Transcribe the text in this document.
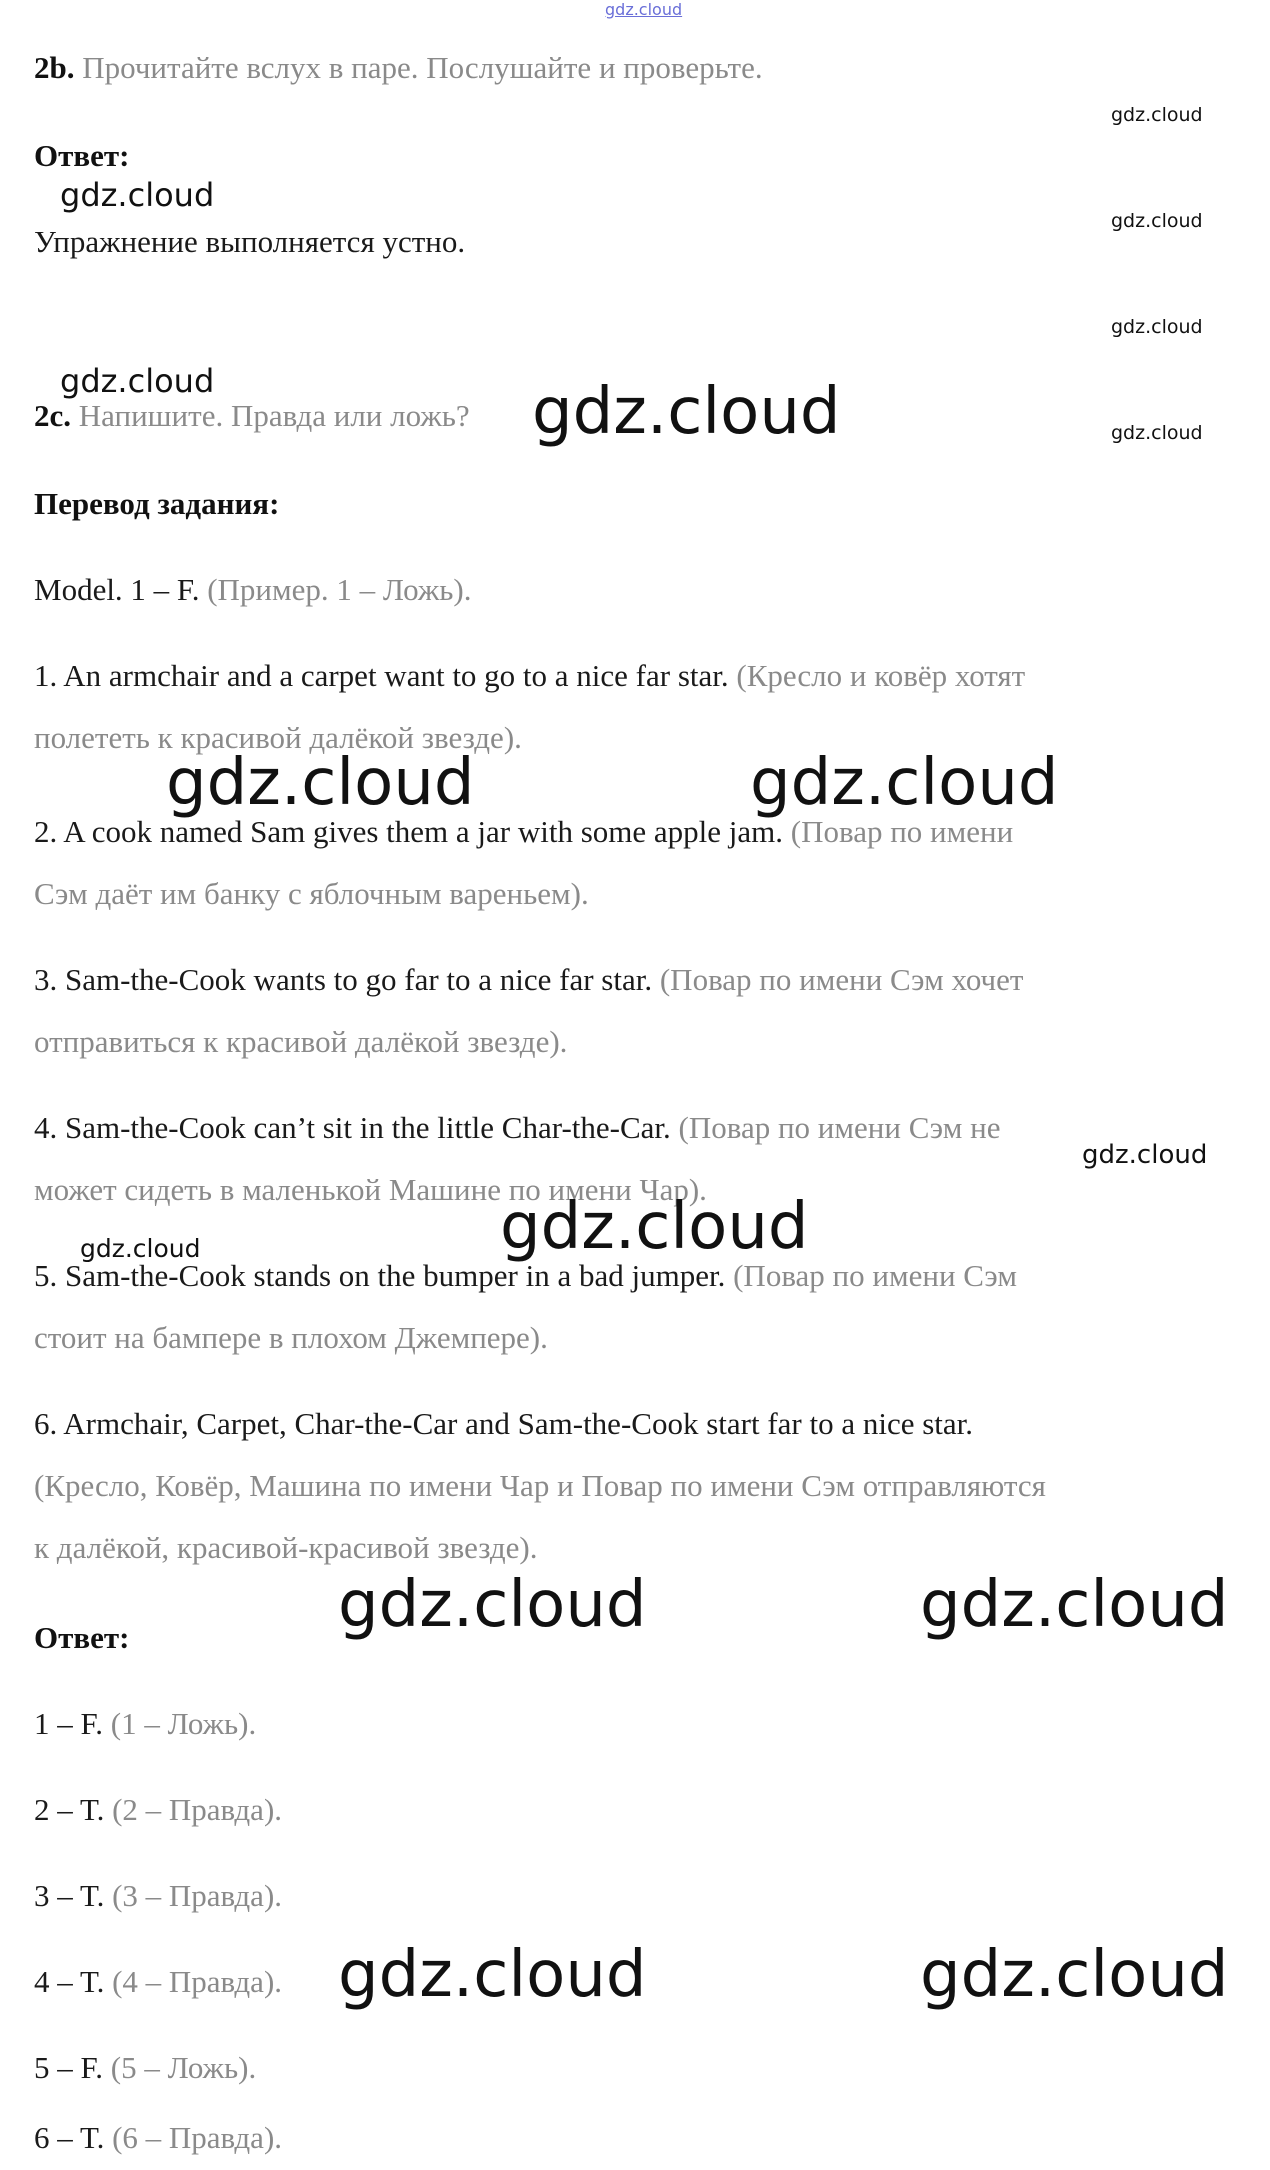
gdz.cloud
2b. Прочитайте вслух в паре. Послушайте и проверьте.
Ответ:
Упражнение выполняется устно.
2c. Напишите. Правда или ложь?
Перевод задания:
Model. 1 – F. (Пример. 1 – Ложь).
1. An armchair and a carpet want to go to a nice far star. (Кресло и ковёр хотят
полететь к красивой далёкой звезде).
2. A cook named Sam gives them a jar with some apple jam. (Повар по имени
Сэм даёт им банку с яблочным вареньем).
3. Sam-the-Cook wants to go far to a nice far star. (Повар по имени Сэм хочет
отправиться к красивой далёкой звезде).
4. Sam-the-Cook can’t sit in the little Char-the-Car. (Повар по имени Сэм не
может сидеть в маленькой Машине по имени Чар).
5. Sam-the-Cook stands on the bumper in a bad jumper. (Повар по имени Сэм
стоит на бампере в плохом Джемпере).
6. Armchair, Carpet, Char-the-Car and Sam-the-Cook start far to a nice star.
(Кресло, Ковёр, Машина по имени Чар и Повар по имени Сэм отправляются
к далёкой, красивой-красивой звезде).
Ответ:
1 – F. (1 – Ложь).
2 – T. (2 – Правда).
3 – T. (3 – Правда).
4 – T. (4 – Правда).
5 – F. (5 – Ложь).
6 – T. (6 – Правда).
gdz.cloud
gdz.cloud
gdz.cloud
gdz.cloud
gdz.cloud
gdz.cloud
gdz.cloud
gdz.cloud
gdz.cloud
gdz.cloud	gdz.cloud
gdz.cloud
gdz.cloud	gdz.cloud
gdz.cloud	gdz.cloud
